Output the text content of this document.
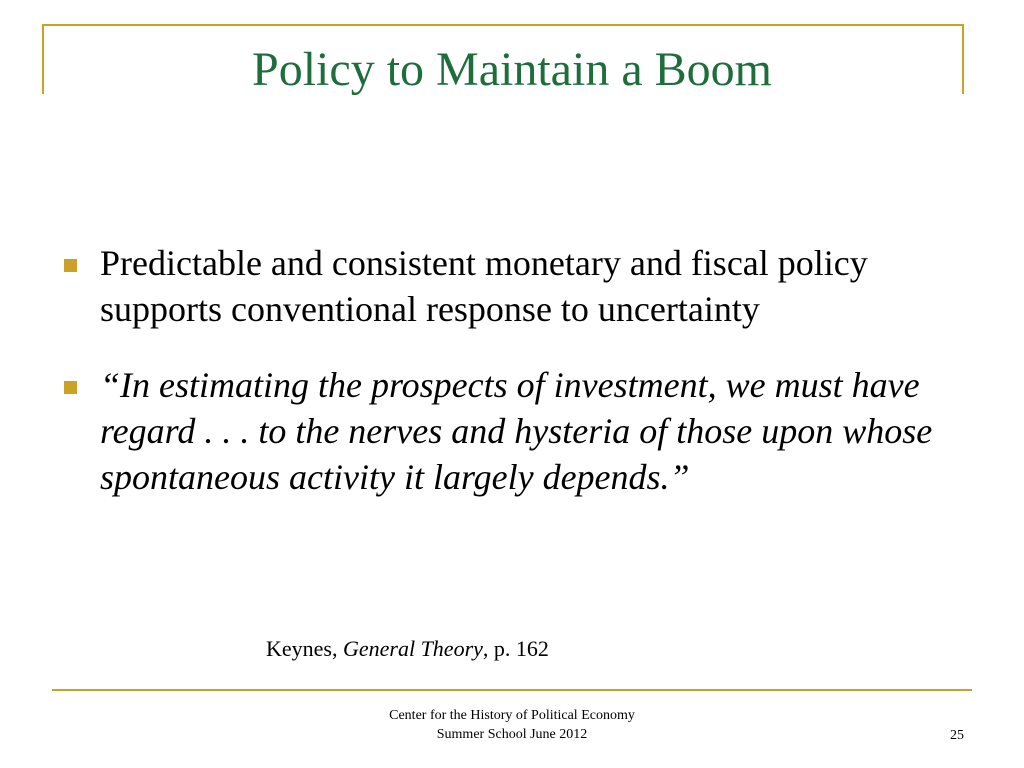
Policy to Maintain a Boom
Predictable and consistent monetary and fiscal policy supports conventional response to uncertainty
“In estimating the prospects of investment, we must have regard . . . to the nerves and hysteria of those upon whose spontaneous activity it largely depends.”
Keynes, General Theory, p. 162
Center for the History of Political Economy
Summer School June 2012	25
